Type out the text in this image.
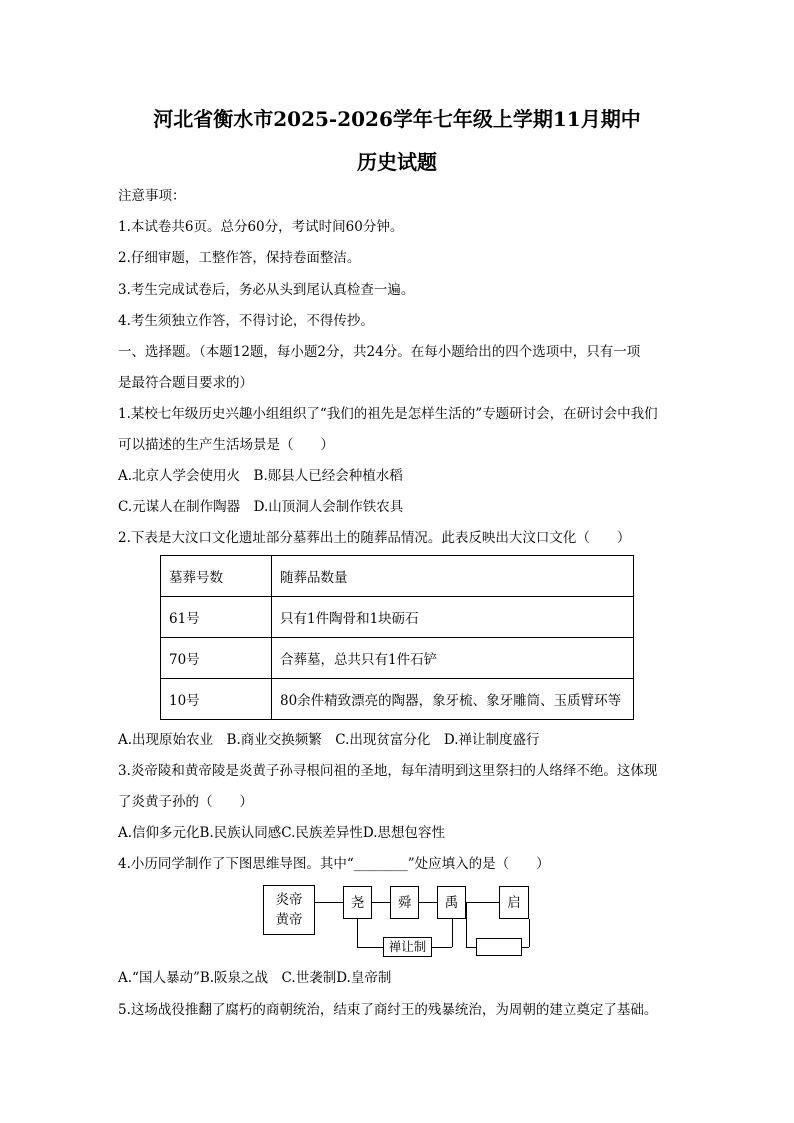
河北省衡水市2025-2026学年七年级上学期11月期中
历史试题
注意事项：
1.本试卷共6页。总分60分，考试时间60分钟。
2.仔细审题，工整作答，保持卷面整洁。
3.考生完成试卷后，务必从头到尾认真检查一遍。
4.考生须独立作答，不得讨论，不得传抄。
一、选择题。（本题12题，每小题2分，共24分。在每小题给出的四个选项中，只有一项
是最符合题目要求的）
1.某校七年级历史兴趣小组组织了“我们的祖先是怎样生活的”专题研讨会，在研讨会中我们
可以描述的生产生活场景是（　　）
A.北京人学会使用火　B.郧县人已经会种植水稻
C.元谋人在制作陶器　D.山顶洞人会制作铁农具
2.下表是大汶口文化遗址部分墓葬出土的随葬品情况。此表反映出大汶口文化（　　）
墓葬号数	随葬品数量
61号	只有1件陶骨和1块砺石
70号	合葬墓，总共只有1件石铲
10号	80余件精致漂亮的陶器，象牙梳、象牙雕筒、玉质臂环等
A.出现原始农业　B.商业交换频繁　C.出现贫富分化　D.禅让制度盛行
3.炎帝陵和黄帝陵是炎黄子孙寻根问祖的圣地，每年清明到这里祭扫的人络绎不绝。这体现
了炎黄子孙的（　　）
A.信仰多元化B.民族认同感C.民族差异性D.思想包容性
4.小历同学制作了下图思维导图。其中“________”处应填入的是（　　）
炎帝
黄帝
尧	舜	禹	启
禅让制
A.“国人暴动”B.阪泉之战　C.世袭制D.皇帝制
5.这场战役推翻了腐朽的商朝统治，结束了商纣王的残暴统治，为周朝的建立奠定了基础。
